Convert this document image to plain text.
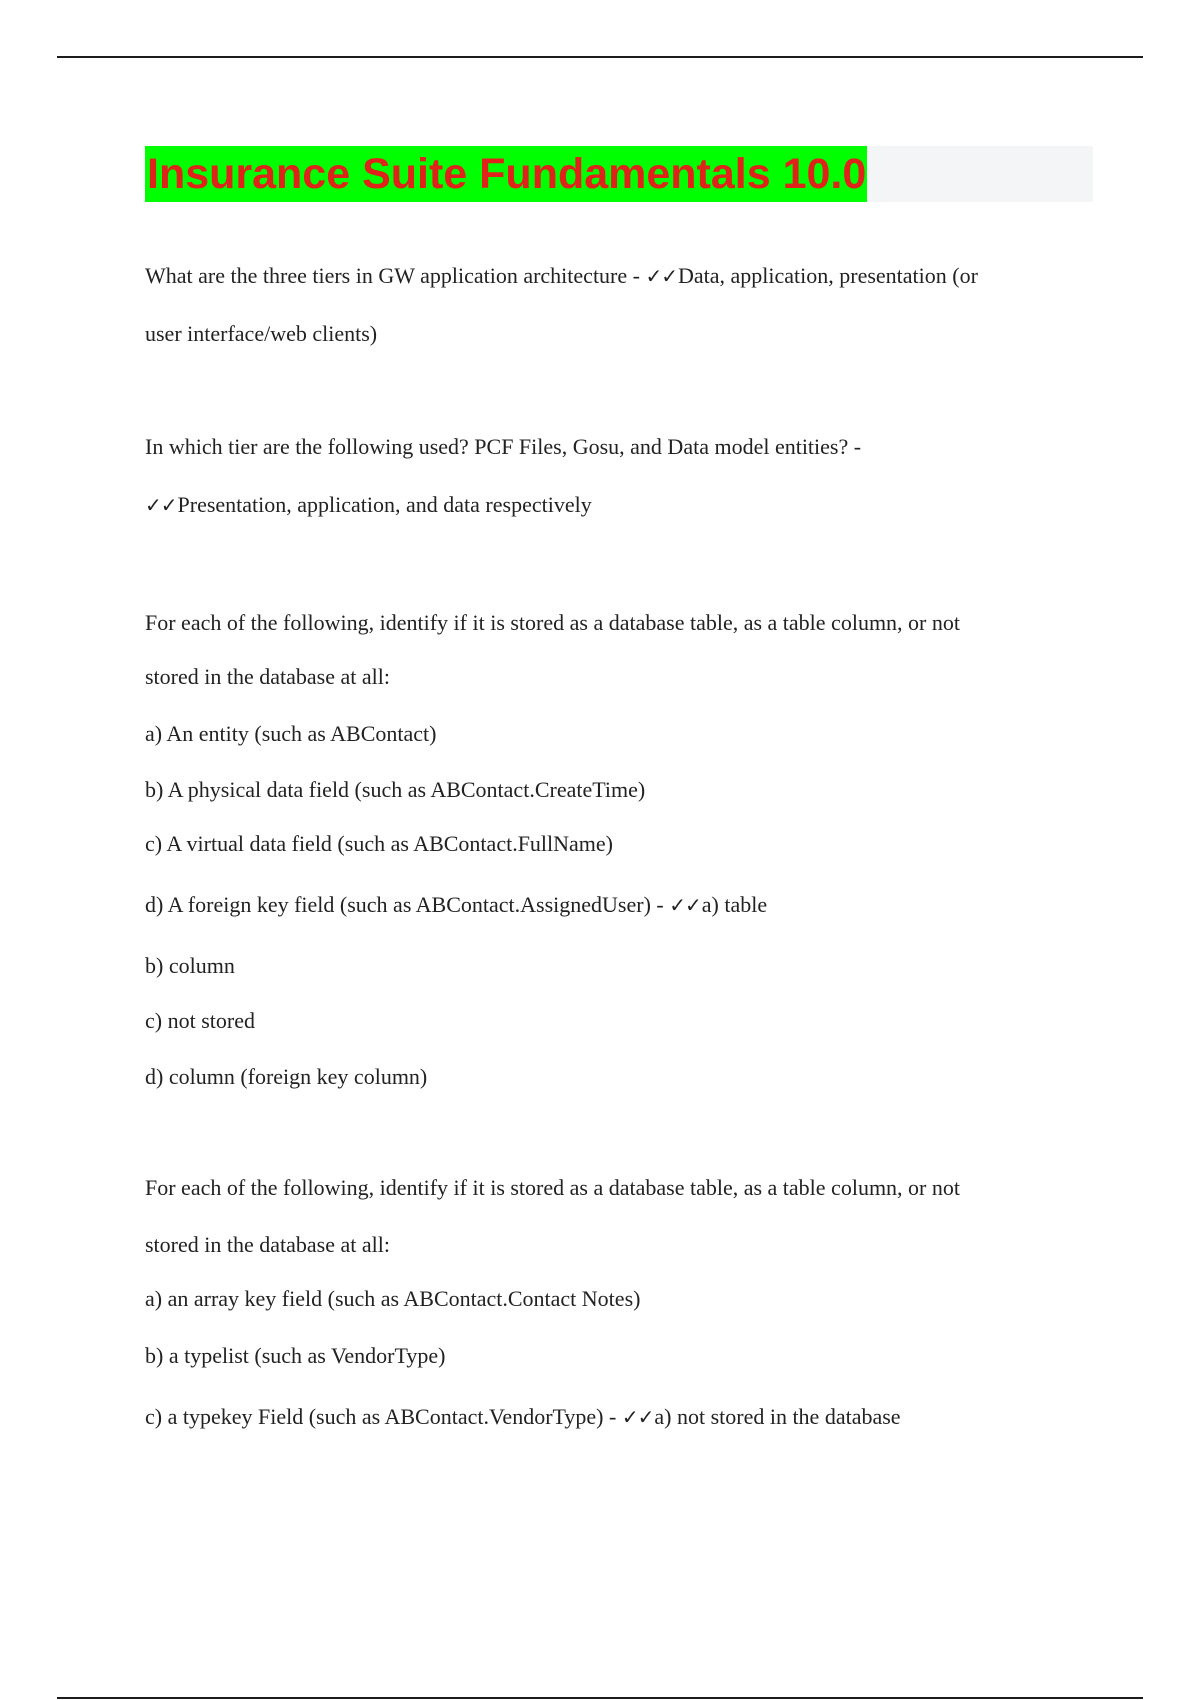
Insurance Suite Fundamentals 10.0
What are the three tiers in GW application architecture - ✓✓Data, application, presentation (or
user interface/web clients)
In which tier are the following used? PCF Files, Gosu, and Data model entities? -
✓✓Presentation, application, and data respectively
For each of the following, identify if it is stored as a database table, as a table column, or not
stored in the database at all:
a) An entity (such as ABContact)
b) A physical data field (such as ABContact.CreateTime)
c) A virtual data field (such as ABContact.FullName)
d) A foreign key field (such as ABContact.AssignedUser) - ✓✓a) table
b) column
c) not stored
d) column (foreign key column)
For each of the following, identify if it is stored as a database table, as a table column, or not
stored in the database at all:
a) an array key field (such as ABContact.Contact Notes)
b) a typelist (such as VendorType)
c) a typekey Field (such as ABContact.VendorType) - ✓✓a) not stored in the database
